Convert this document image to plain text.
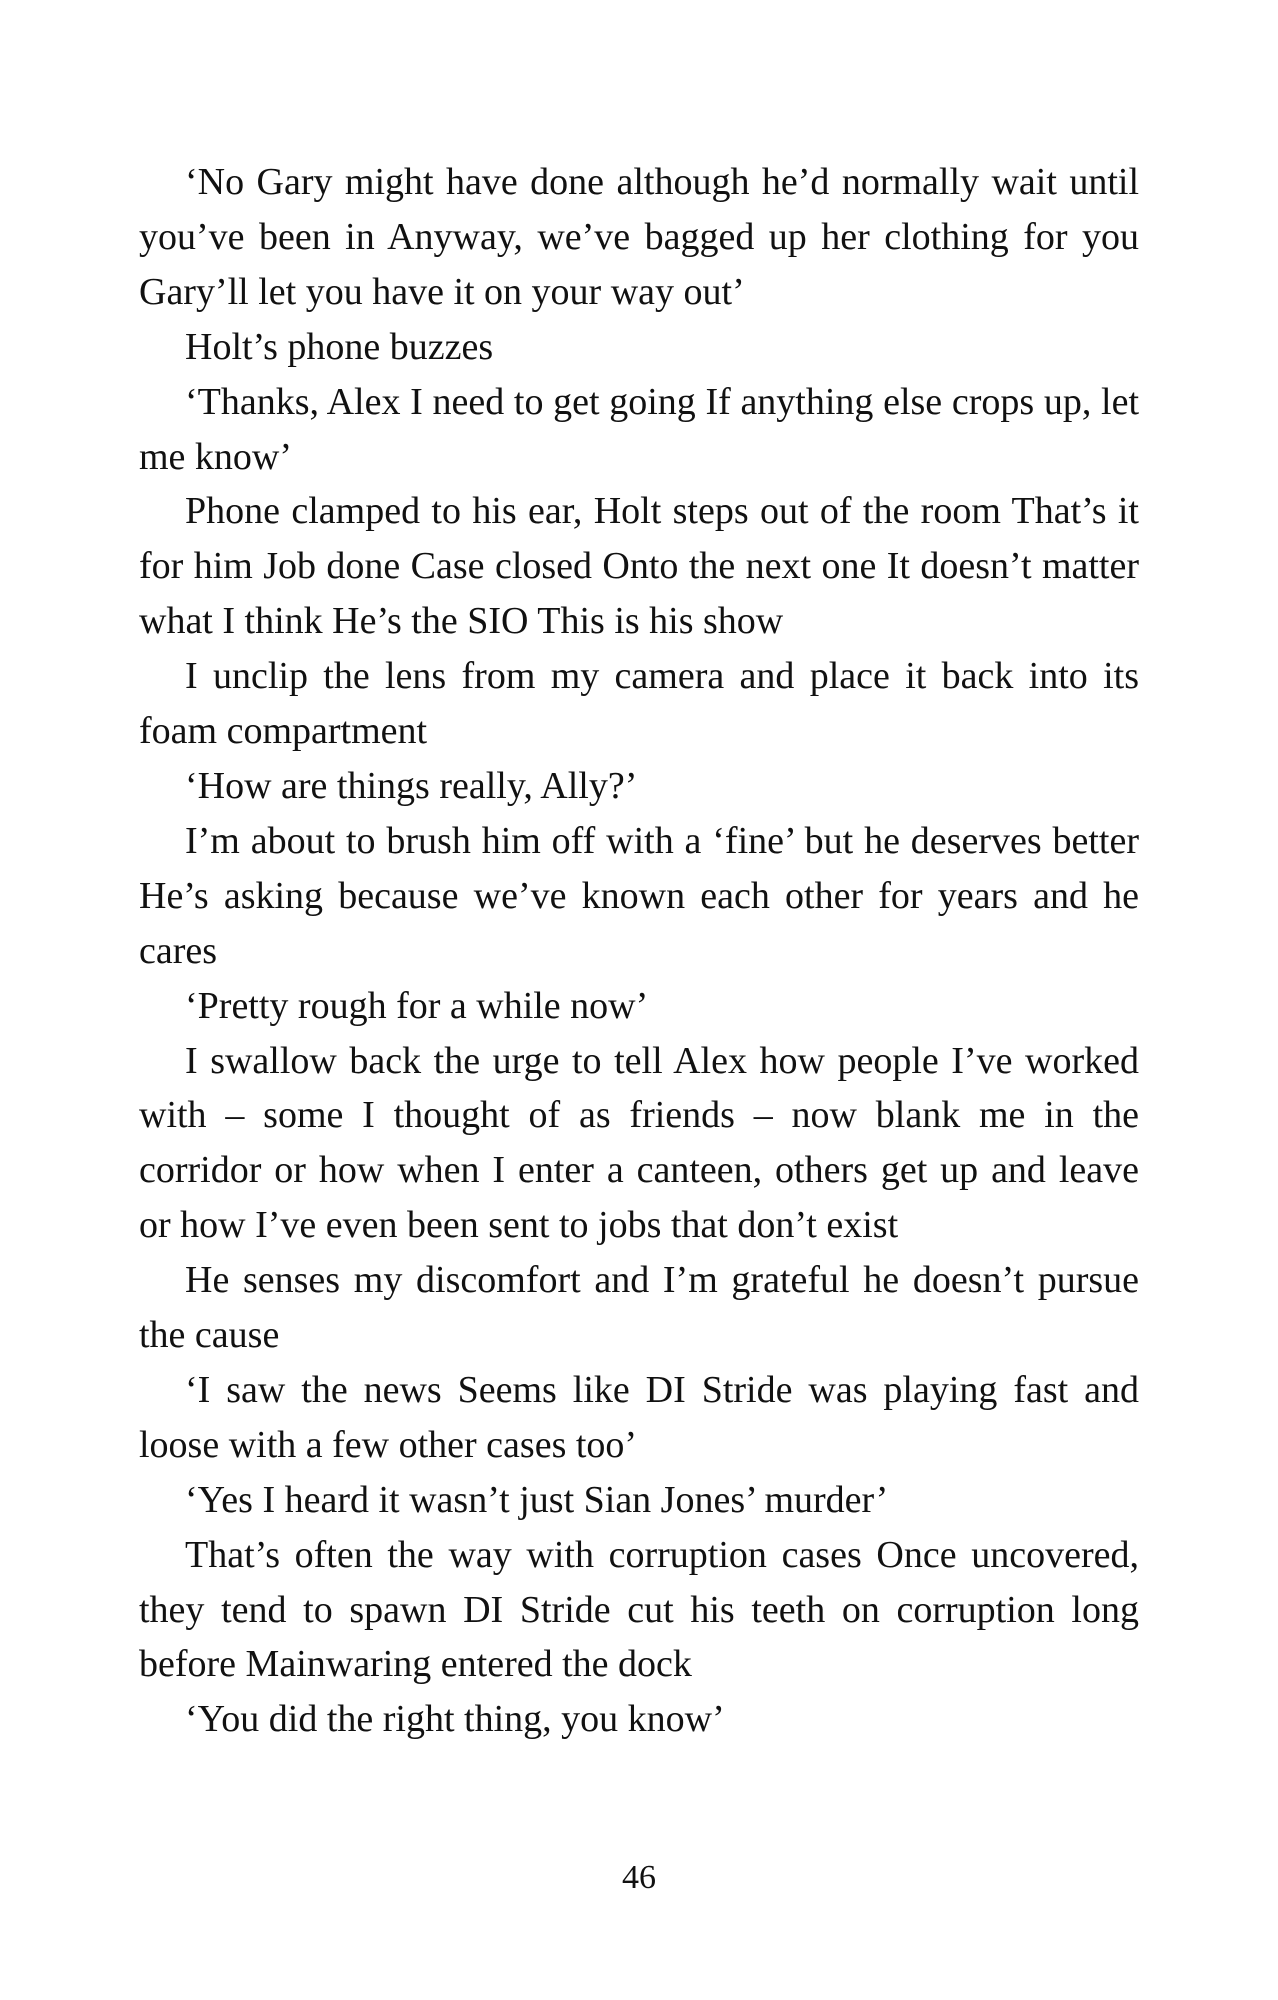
‘No Gary might have done although he’d normally wait until you’ve been in Anyway, we’ve bagged up her clothing for you Gary’ll let you have it on your way out’

Holt’s phone buzzes

‘Thanks, Alex I need to get going If anything else crops up, let me know’

Phone clamped to his ear, Holt steps out of the room That’s it for him Job done Case closed Onto the next one It doesn’t matter what I think He’s the SIO This is his show

I unclip the lens from my camera and place it back into its foam compartment

‘How are things really, Ally?’

I’m about to brush him off with a ‘fine’ but he deserves better He’s asking because we’ve known each other for years and he cares

‘Pretty rough for a while now’

I swallow back the urge to tell Alex how people I’ve worked with – some I thought of as friends – now blank me in the corridor or how when I enter a canteen, others get up and leave or how I’ve even been sent to jobs that don’t exist

He senses my discomfort and I’m grateful he doesn’t pursue the cause

‘I saw the news Seems like DI Stride was playing fast and loose with a few other cases too’

‘Yes I heard it wasn’t just Sian Jones’ murder’

That’s often the way with corruption cases Once uncovered, they tend to spawn DI Stride cut his teeth on corruption long before Mainwaring entered the dock

‘You did the right thing, you know’

46
